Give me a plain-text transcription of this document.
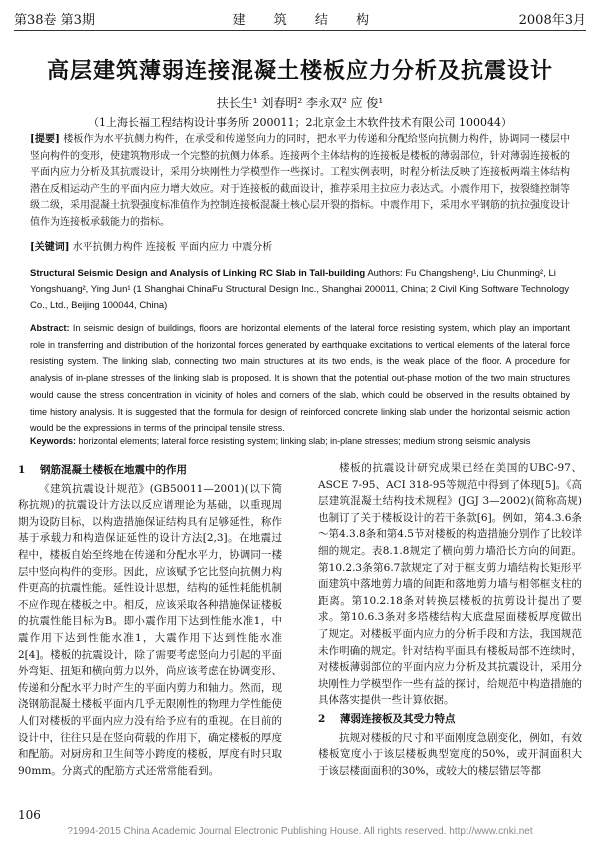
第38卷 第3期	建 筑 结 构	2008年3月
高层建筑薄弱连接混凝土楼板应力分析及抗震设计
扶长生¹ 刘春明² 李永双² 应 俊¹
（1上海长福工程结构设计事务所 200011；2北京金土木软件技术有限公司 100044）
[提要] 楼板作为水平抗侧力构件，在承受和传递竖向力的同时，把水平力传递和分配给竖向抗侧力构件，协调同一楼层中竖向构件的变形，使建筑物形成一个完整的抗侧力体系。连接两个主体结构的连接板是楼板的薄弱部位，针对薄弱连接板的平面内应力分析及其抗震设计，采用分块刚性力学模型作一些探讨。工程实例表明，时程分析法反映了连接板两端主体结构潜在反相运动产生的平面内应力增大效应。对于连接板的截面设计，推荐采用主拉应力表达式。小震作用下，按裂缝控制等级二级，采用混凝土抗裂强度标准值作为控制连接板混凝土核心层开裂的指标。中震作用下，采用水平钢筋的抗拉强度设计值作为连接板承载能力的指标。
[关键词] 水平抗侧力构件 连接板 平面内应力 中震分析
Structural Seismic Design and Analysis of Linking RC Slab in Tall-building Authors: Fu Changsheng¹, Liu Chunming², Li Yongshuang², Ying Jun¹ (1 Shanghai ChinaFu Structural Design Inc., Shanghai 200011, China; 2 Civil King Software Technology Co., Ltd., Beijing 100044, China)
Abstract: In seismic design of buildings, floors are horizontal elements of the lateral force resisting system, which play an important role in transferring and distribution of the horizontal forces generated by earthquake excitations to vertical elements of the lateral force resisting system. The linking slab, connecting two main structures at its two ends, is the weak place of the floor. A procedure for analysis of in-plane stresses of the linking slab is proposed. It is shown that the potential out-phase motion of the two main structures would cause the stress concentration in vicinity of holes and corners of the slab, which could be observed in the results obtained by time history analysis. It is suggested that the formula for design of reinforced concrete linking slab under the horizontal seismic action would be the expressions in terms of the principal tensile stress.
Keywords: horizontal elements; lateral force resisting system; linking slab; in-plane stresses; medium strong seismic analysis
1 钢筋混凝土楼板在地震中的作用

《建筑抗震设计规范》(GB50011—2001)(以下简称抗规)的抗震设计方法以反应谱理论为基础，以重现周期为设防目标，以构造措施保证结构具有足够延性，称作基于承载力和构造保证延性的设计方法[2,3]。在地震过程中，楼板自始至终地在传递和分配水平力，协调同一楼层中竖向构件的变形。因此，应该赋予它比竖向抗侧力构件更高的抗震性能。延性设计思想，结构的延性耗能机制不应作现在楼板之中。相反，应该采取各种措施保证楼板的抗震性能目标为B。即小震作用下达到性能水准1，中震作用下达到性能水准1，大震作用下达到性能水准2[4]。楼板的抗震设计，除了需要考虑竖向力引起的平面外弯矩、扭矩和横向剪力以外，尚应该考虑在协调变形、传递和分配水平力时产生的平面内剪力和轴力。然而，现浇钢筋混凝土楼板平面内几乎无限刚性的物理力学性能使人们对楼板的平面内应力没有给予应有的重视。在目前的设计中，往往只是在竖向荷载的作用下，确定楼板的厚度和配筋。对厨房和卫生间等小跨度的楼板，厚度有时只取90mm。分离式的配筋方式还常常能看到。

楼板的抗震设计研究成果已经在美国的UBC-97、ASCE 7-95、ACI 318-95等规范中得到了体现[5]。《高层建筑混凝土结构技术规程》(JGJ 3—2002)(简称高规)也制订了关于楼板设计的若干条款[6]。例如，第4.3.6条～第4.3.8条和第4.5节对楼板的构造措施分别作了比较详细的规定。表8.1.8规定了横向剪力墙沿长方向的间距。第10.2.3条第6.7款规定了对于框支剪力墙结构长矩形平面建筑中落地剪力墙的间距和落地剪力墙与相邻框支柱的距离。第10.2.18条对转换层楼板的抗剪设计提出了要求。第10.6.3条对多塔楼结构大底盘屋面楼板厚度做出了规定。对楼板平面内应力的分析手段和方法，我国规范未作明确的规定。针对结构平面具有楼板局部不连续时，对楼板薄弱部位的平面内应力分析及其抗震设计，采用分块刚性力学模型作一些有益的探讨，给规范中构造措施的具体落实提供一些计算依据。

2 薄弱连接板及其受力特点

抗规对楼板的尺寸和平面刚度急剧变化，例如，有效楼板宽度小于该层楼板典型宽度的50%，或开洞面积大于该层楼面面积的30%，或较大的楼层错层等都

106
?1994-2015 China Academic Journal Electronic Publishing House. All rights reserved. http://www.cnki.net
